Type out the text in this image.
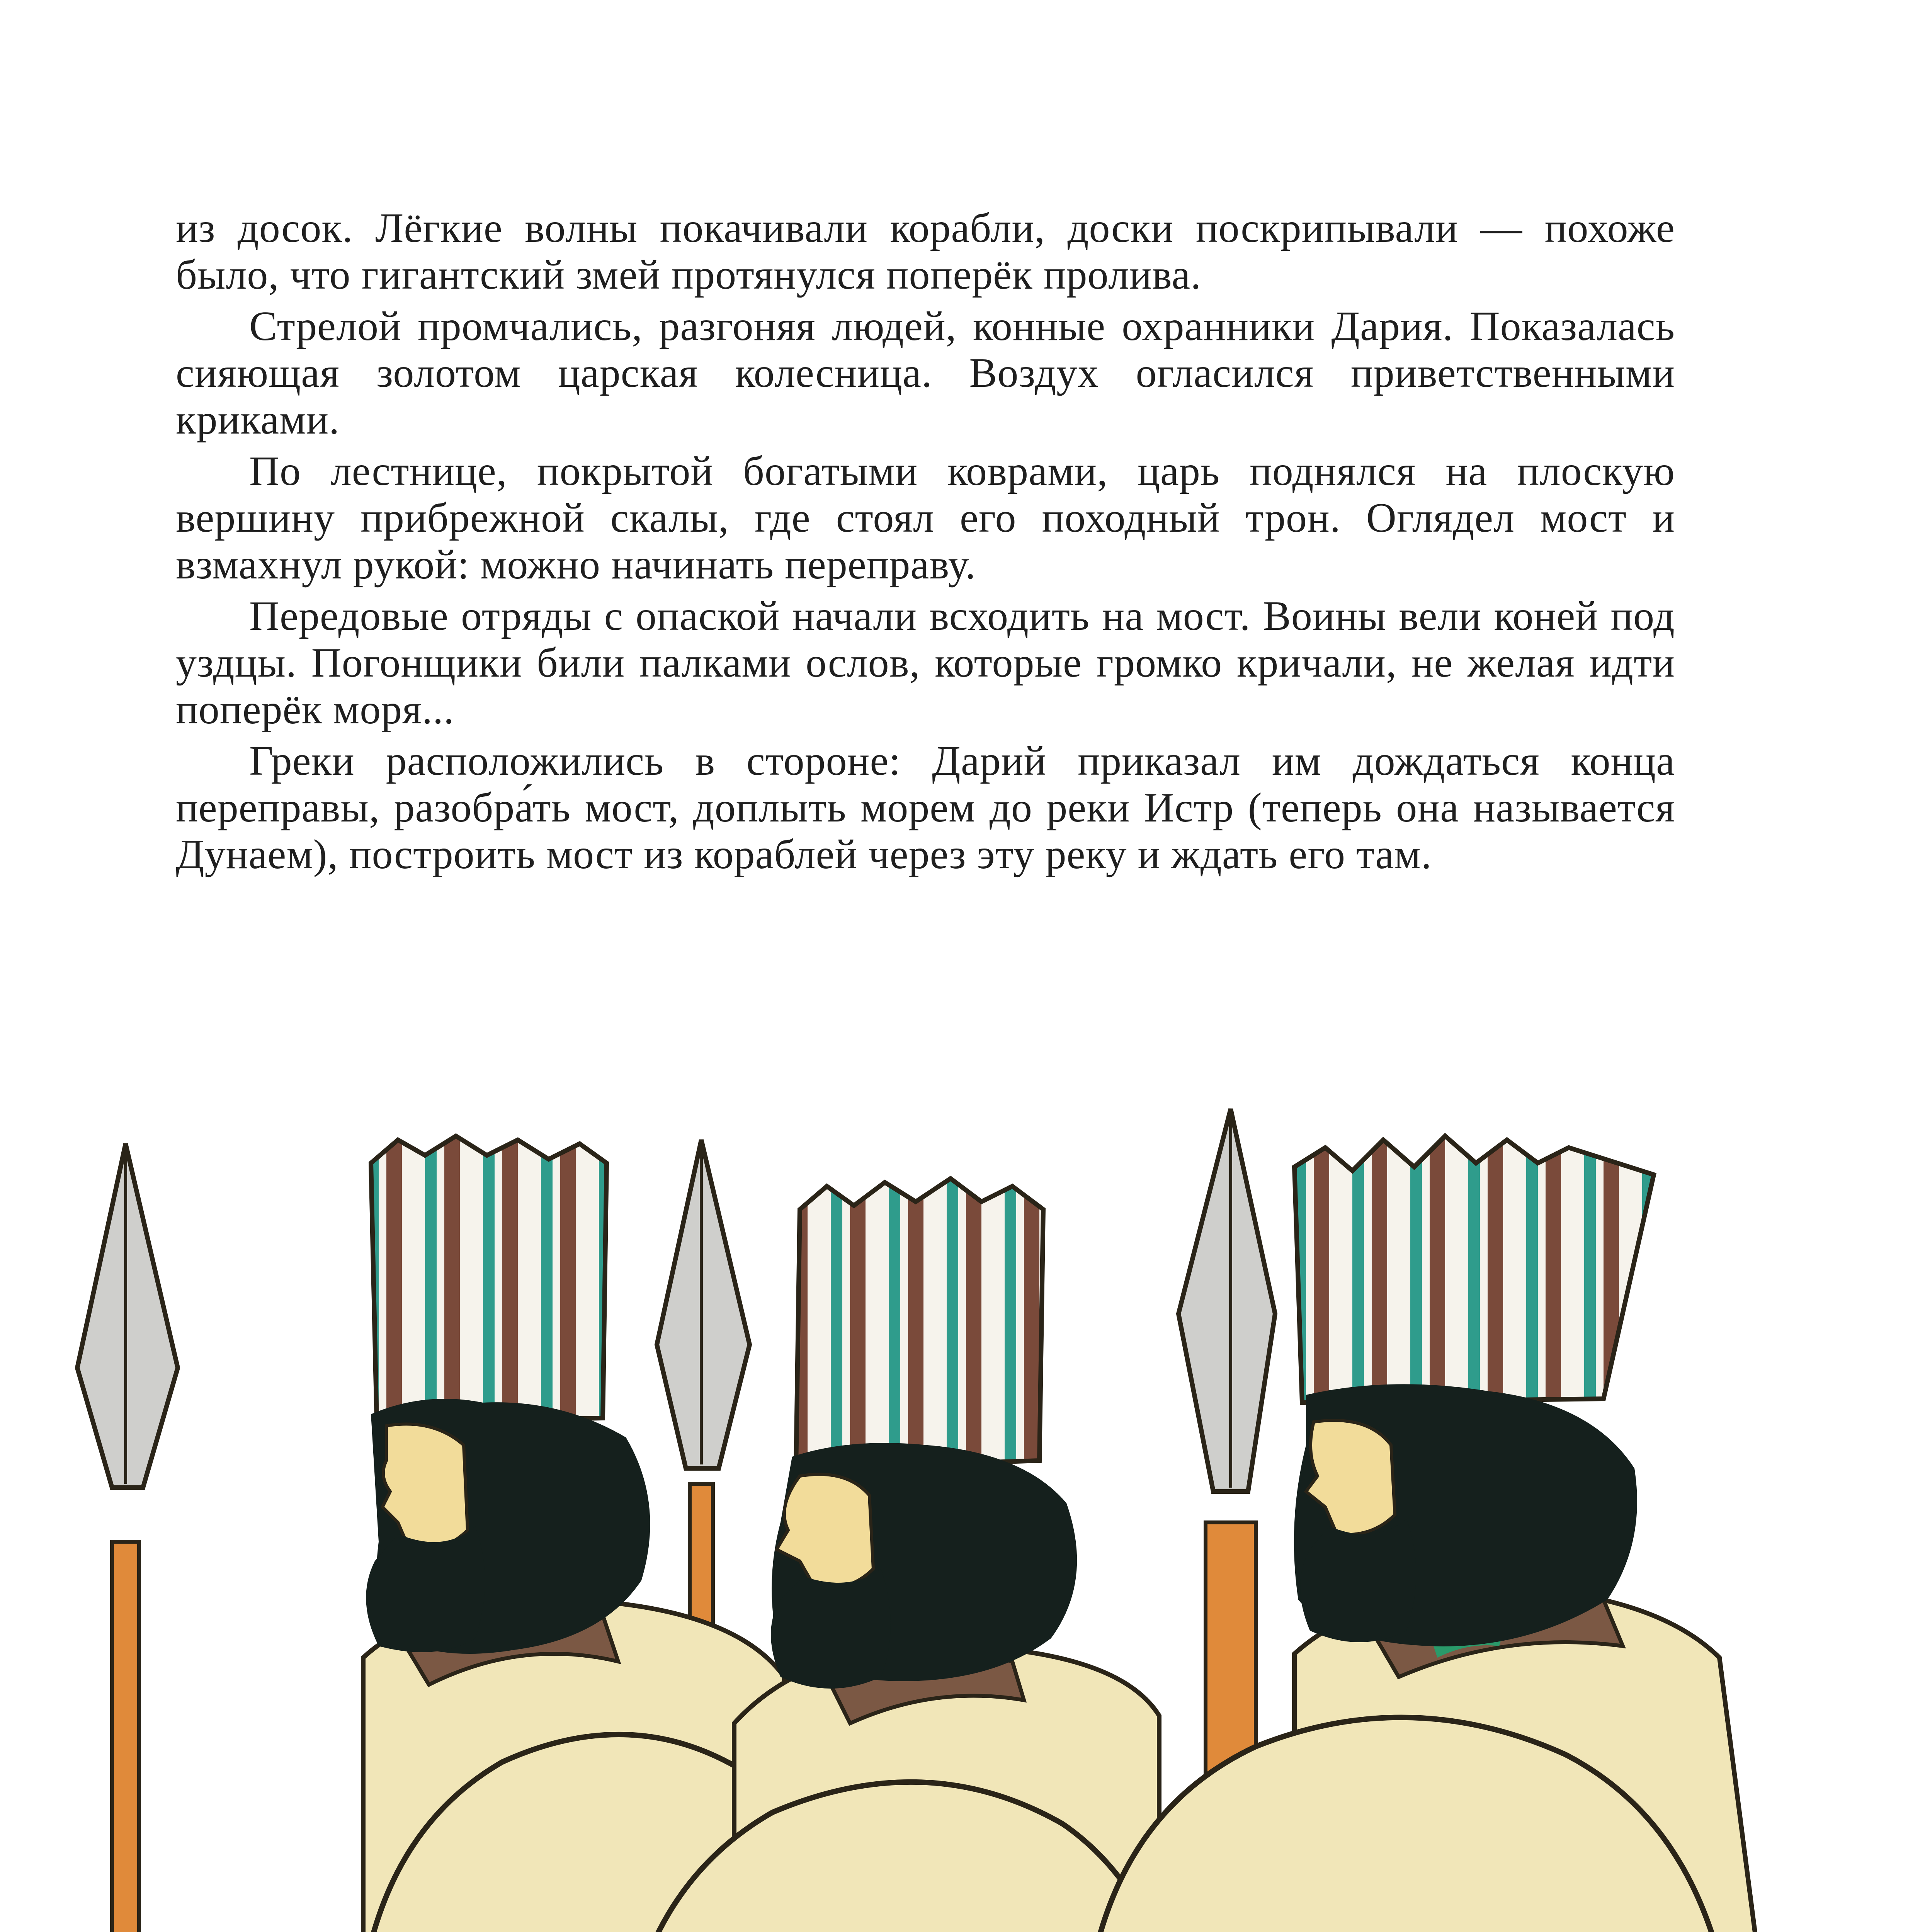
из досок. Лёгкие волны покачивали корабли, доски поскрипывали — похоже было, что гигантский змей протянулся поперёк пролива.

Стрелой промчались, разгоняя людей, конные охранники Дария. Показалась сияющая золотом царская колесница. Воздух огласился приветственными криками.

По лестнице, покрытой богатыми коврами, царь поднялся на плоскую вершину прибрежной скалы, где стоял его походный трон. Оглядел мост и взмахнул рукой: можно начинать переправу.

Передовые отряды с опаской начали всходить на мост. Воины вели коней под уздцы. Погонщики били палками ослов, которые громко кричали, не желая идти поперёк моря...

Греки расположились в стороне: Дарий приказал им дождаться конца переправы, разобра́ть мост, доплыть морем до реки Истр (теперь она называется Дунаем), построить мост из кораблей через эту реку и ждать его там.
